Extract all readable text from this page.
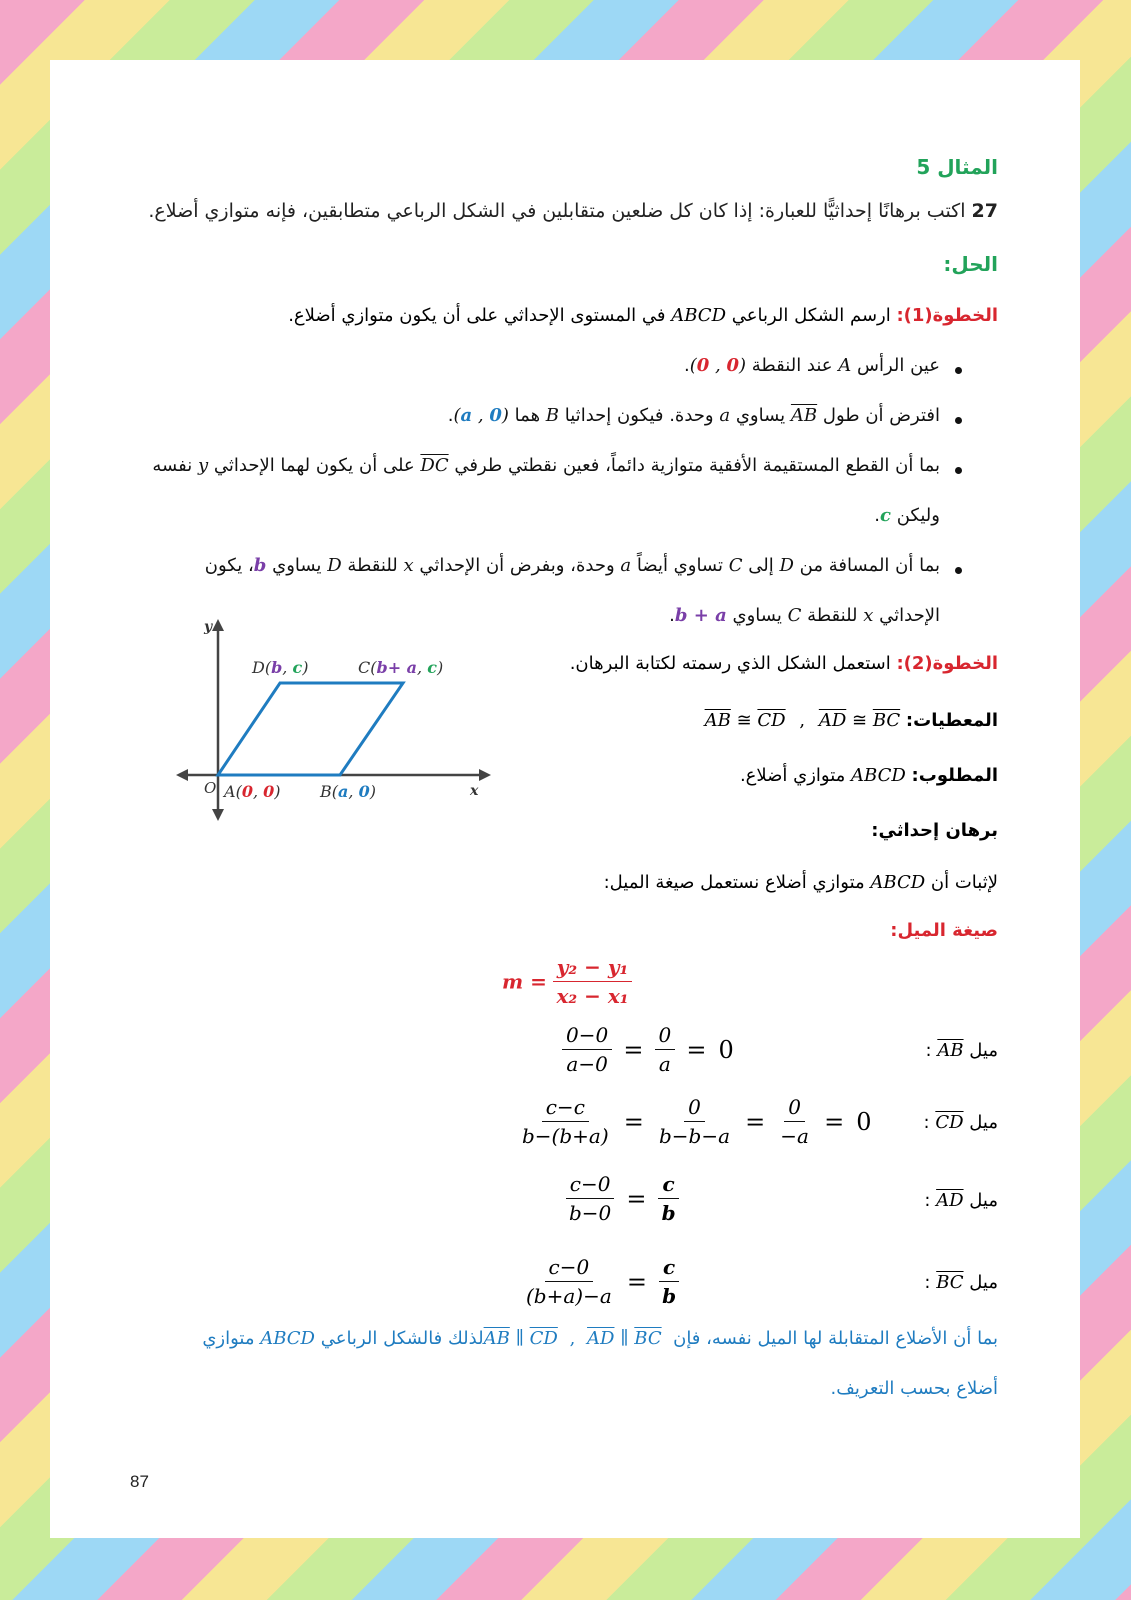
المثال 5
27 اكتب برهانًا إحداثيًّا للعبارة: إذا كان كل ضلعين متقابلين في الشكل الرباعي متطابقين، فإنه متوازي أضلاع.
الحل:
الخطوة(1): ارسم الشكل الرباعي ABCD في المستوى الإحداثي على أن يكون متوازي أضلاع.
عين الرأس A عند النقطة (0 , 0).
افترض أن طول AB يساوي a وحدة. فيكون إحداثيا B هما (a , 0).
بما أن القطع المستقيمة الأفقية متوازية دائماً، فعين نقطتي طرفي DC على أن يكون لهما الإحداثي y نفسه
وليكن c.
بما أن المسافة من D إلى C تساوي أيضاً a وحدة، وبفرض أن الإحداثي x للنقطة D يساوي b، يكون
الإحداثي x للنقطة C يساوي b + a.
y
x
O
D(b, c)	C(b+ a, c)
A(0, 0) B(a, 0)
الخطوة(2): استعمل الشكل الذي رسمته لكتابة البرهان.
المعطيات: $\overline{AB}$ ≅ $\overline{CD}$ , $\overline{AD}$ ≅ $\overline{BC}$
المطلوب: ABCD متوازي أضلاع.
برهان إحداثي:
لإثبات أن ABCD متوازي أضلاع نستعمل صيغة الميل:
صيغة الميل:
$m = \frac{\text{y₂ − y₁}}{\text{x₂ − x₁}}$
ميل $\overline{AB}$ :
$\frac{0-0}{a-0} = \frac{0}{a} = 0$
ميل $\overline{CD}$ :
$\frac{c-c}{b-(b+a)} = \frac{0}{b-b-a} = \frac{0}{-a} = 0$
ميل $\overline{AD}$ :
$\frac{c-0}{b-0} = \frac{c}{b}$
ميل $\overline{BC}$ :
$\frac{c-0}{(b+a)-a} = \frac{c}{b}$
بما أن الأضلاع المتقابلة لها الميل نفسه، فإن $\overline{AB}$ ∥ $\overline{CD}$ , $\overline{AD}$ ∥ $\overline{BC}$ لذلك فالشكل الرباعي ABCD متوازي
أضلاع بحسب التعريف.
87
